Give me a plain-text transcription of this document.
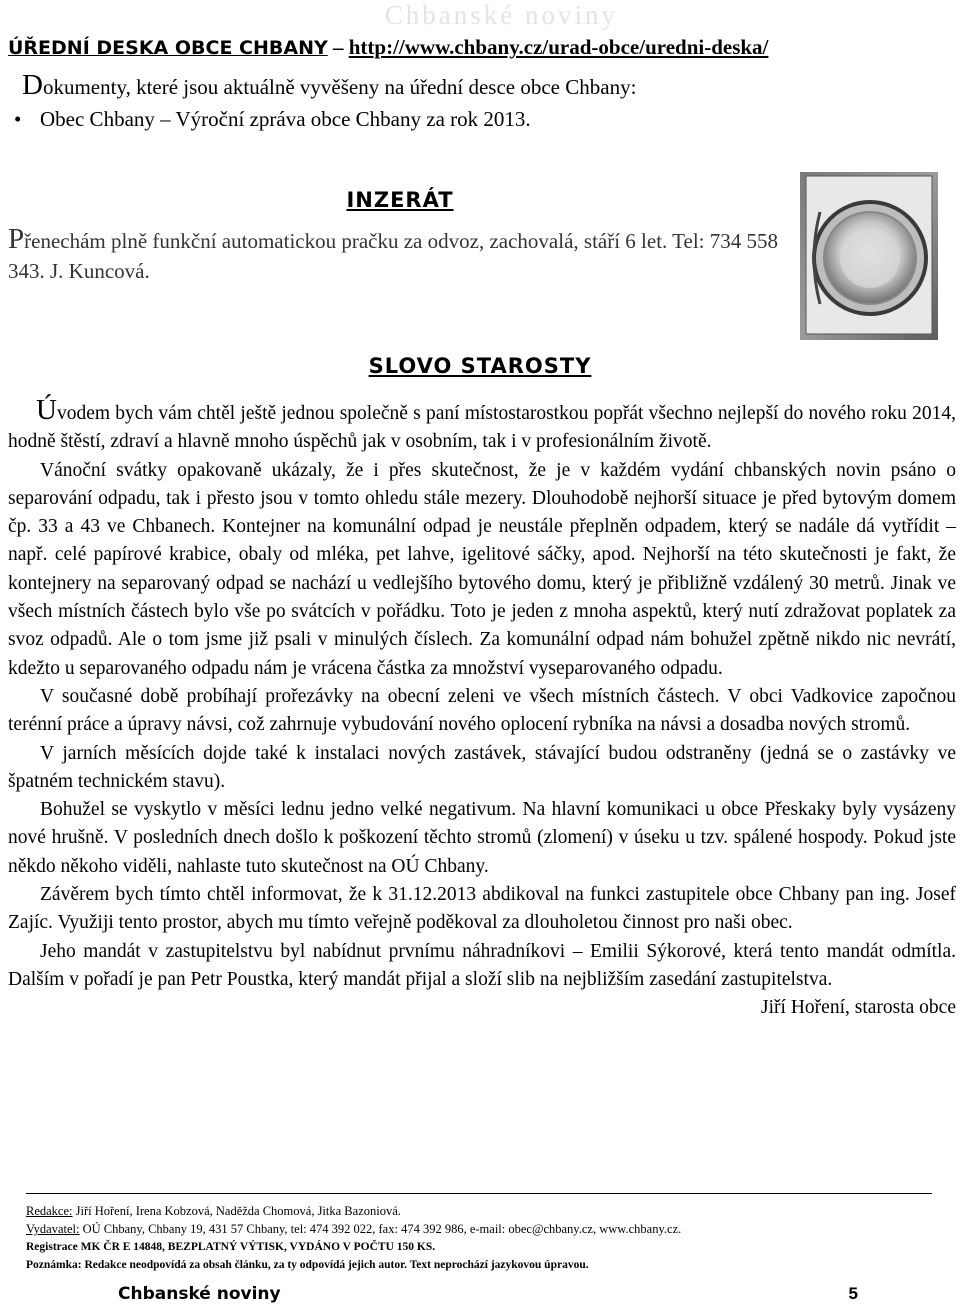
Chbanské noviny
ÚŘEDNÍ DESKA OBCE CHBANY – http://www.chbany.cz/urad-obce/uredni-deska/
Dokumenty, které jsou aktuálně vyvěšeny na úřední desce obce Chbany:
• Obec Chbany – Výroční zpráva obce Chbany za rok 2013.
INZERÁT
Přenechám plně funkční automatickou pračku za odvoz, zachovalá, stáří 6 let. Tel: 734 558 343. J. Kuncová.
SLOVO STAROSTY

Úvodem bych vám chtěl ještě jednou společně s paní místostarostkou popřát všechno nejlepší do nového roku 2014, hodně štěstí, zdraví a hlavně mnoho úspěchů jak v osobním, tak i v profesionálním životě.

Vánoční svátky opakovaně ukázaly, že i přes skutečnost, že je v každém vydání chbanských novin psáno o separování odpadu, tak i přesto jsou v tomto ohledu stále mezery. Dlouhodobě nejhorší situace je před bytovým domem čp. 33 a 43 ve Chbanech. Kontejner na komunální odpad je neustále přeplněn odpadem, který se nadále dá vytřídit – např. celé papírové krabice, obaly od mléka, pet lahve, igelitové sáčky, apod. Nejhorší na této skutečnosti je fakt, že kontejnery na separovaný odpad se nachází u vedlejšího bytového domu, který je přibližně vzdálený 30 metrů. Jinak ve všech místních částech bylo vše po svátcích v pořádku. Toto je jeden z mnoha aspektů, který nutí zdražovat poplatek za svoz odpadů. Ale o tom jsme již psali v minulých číslech. Za komunální odpad nám bohužel zpětně nikdo nic nevrátí, kdežto u separovaného odpadu nám je vrácena částka za množství vyseparovaného odpadu.

V současné době probíhají prořezávky na obecní zeleni ve všech místních částech. V obci Vadkovice započnou terénní práce a úpravy návsi, což zahrnuje vybudování nového oplocení rybníka na návsi a dosadba nových stromů.

V jarních měsících dojde také k instalaci nových zastávek, stávající budou odstraněny (jedná se o zastávky ve špatném technickém stavu).

Bohužel se vyskytlo v měsíci lednu jedno velké negativum. Na hlavní komunikaci u obce Přeskaky byly vysázeny nové hrušně. V posledních dnech došlo k poškození těchto stromů (zlomení) v úseku u tzv. spálené hospody. Pokud jste někdo někoho viděli, nahlaste tuto skutečnost na OÚ Chbany.

Závěrem bych tímto chtěl informovat, že k 31.12.2013 abdikoval na funkci zastupitele obce Chbany pan ing. Josef Zajíc. Využiji tento prostor, abych mu tímto veřejně poděkoval za dlouholetou činnost pro naši obec.

Jeho mandát v zastupitelstvu byl nabídnut prvnímu náhradníkovi – Emilii Sýkorové, která tento mandát odmítla. Dalším v pořadí je pan Petr Poustka, který mandát přijal a složí slib na nejbližším zasedání zastupitelstva.
Jiří Hoření, starosta obce

Redakce: Jiří Hoření, Irena Kobzová, Naděžda Chomová, Jitka Bazoniová.
Vydavatel: OÚ Chbany, Chbany 19, 431 57 Chbany, tel: 474 392 022, fax: 474 392 986, e-mail: obec@chbany.cz, www.chbany.cz.
Registrace MK ČR E 14848, BEZPLATNÝ VÝTISK, VYDÁNO V POČTU 150 KS.
Poznámka: Redakce neodpovídá za obsah článku, za ty odpovídá jejich autor. Text neprochází jazykovou úpravou.
Chbanské noviny	5
